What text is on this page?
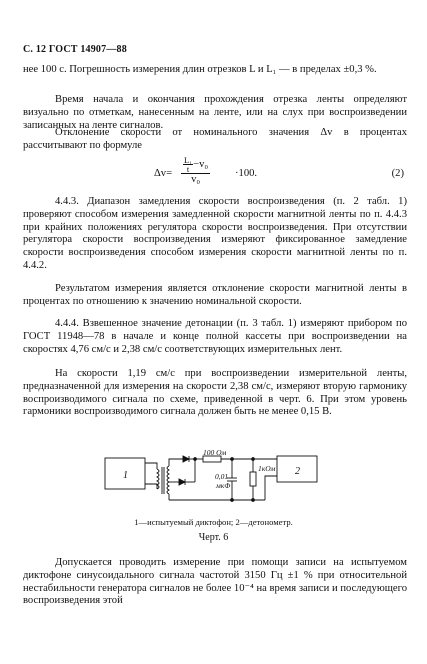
С. 12 ГОСТ 14907—88
нее 100 с. Погрешность измерения длин отрезков L и L₁ — в пределах ±0,3 %.
Время начала и окончания прохождения отрезка ленты определяют визуально по отметкам, нанесенным на ленте, или на слух при воспроизведении записанных на ленте сигналов.
Отклонение скорости от номинального значения Δv в процентах рассчитывают по формуле
$\Delta v= \frac{\frac{\text{L₁}}{t} -v_0}{\text{v₀}} \cdot 100$.	(2)
4.4.3. Диапазон замедления скорости воспроизведения (п. 2 табл. 1) проверяют способом измерения замедленной скорости магнитной ленты по п. 4.4.3 при крайних положениях регулятора скорости воспроизведения. При отсутствии регулятора скорости воспроизведения измеряют фиксированное замедление скорости воспроизведения способом измерения скорости магнитной ленты по п. 4.4.2.
Результатом измерения является отклонение скорости магнитной ленты в процентах по отношению к значению номинальной скорости.
4.4.4. Взвешенное значение детонации (п. 3 табл. 1) измеряют прибором по ГОСТ 11948—78 в начале и конце полной кассеты при воспроизведении на скоростях 4,76 см/с и 2,38 см/с соответствующих измерительных лент.
На скорости 1,19 см/с при воспроизведении измерительной ленты, предназначенной для измерения на скорости 2,38 см/с, измеряют вторую гармонику воспроизводимого сигнала по схеме, приведенной в черт. 6. При этом уровень гармоники воспроизводимого сигнала должен быть не менее 0,15 В.
1	2
100 Ом
0,01
мкФ
1кОм
1—испытуемый диктофон; 2—детонометр.
Черт. 6
Допускается проводить измерение при помощи записи на испытуемом диктофоне синусоидального сигнала частотой 3150 Гц ±1 % при относительной нестабильности генератора сигналов не более 10⁻⁴ на время записи и последующего воспроизведения этой
